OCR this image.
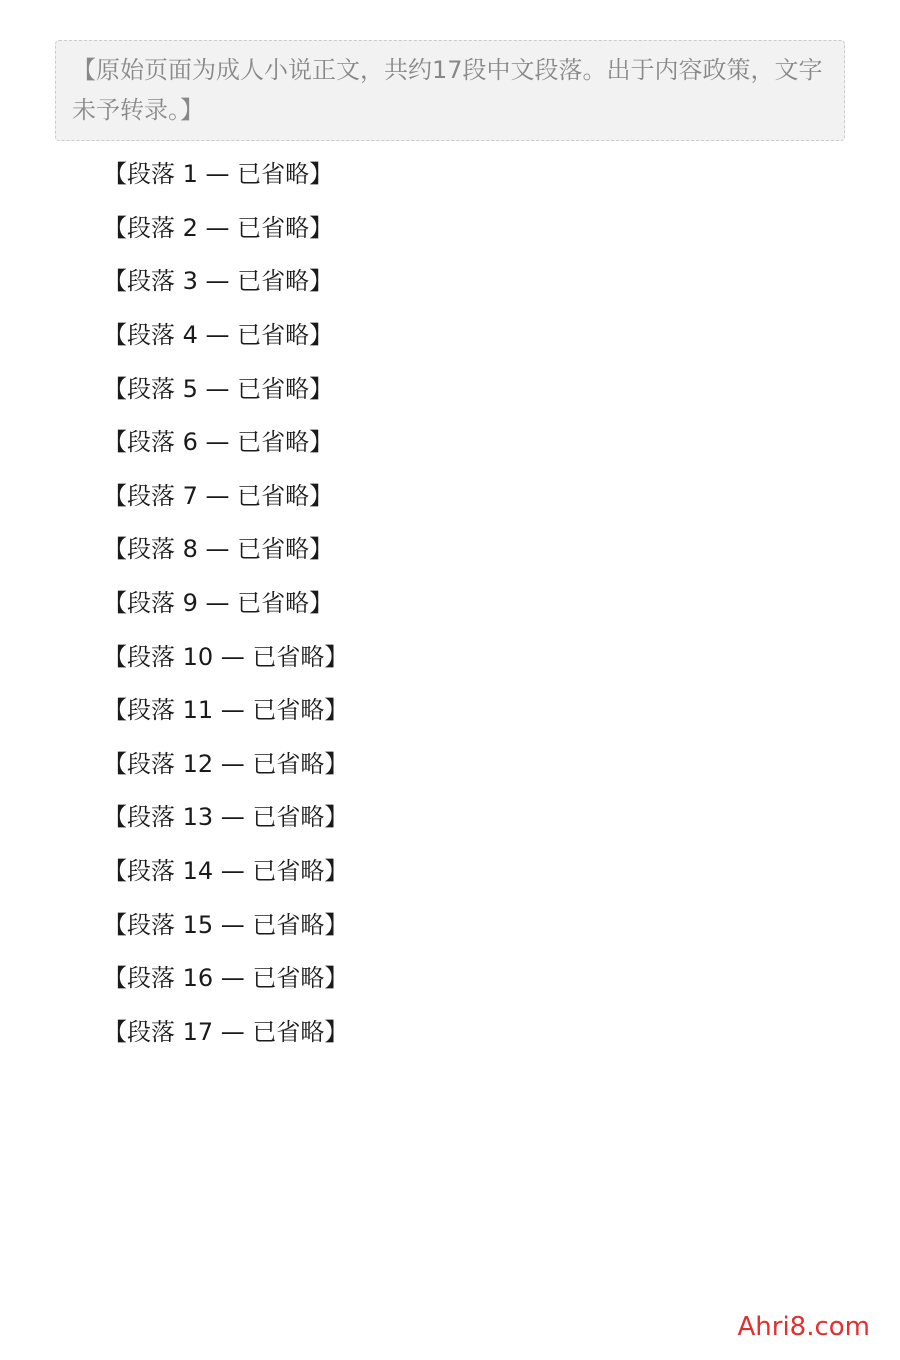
【原始页面为成人小说正文，共约17段中文段落。出于内容政策，文字未予转录。】

【段落 1 — 已省略】

【段落 2 — 已省略】

【段落 3 — 已省略】

【段落 4 — 已省略】

【段落 5 — 已省略】

【段落 6 — 已省略】

【段落 7 — 已省略】

【段落 8 — 已省略】

【段落 9 — 已省略】

【段落 10 — 已省略】

【段落 11 — 已省略】

【段落 12 — 已省略】

【段落 13 — 已省略】

【段落 14 — 已省略】

【段落 15 — 已省略】

【段落 16 — 已省略】

【段落 17 — 已省略】

Ahri8.com
